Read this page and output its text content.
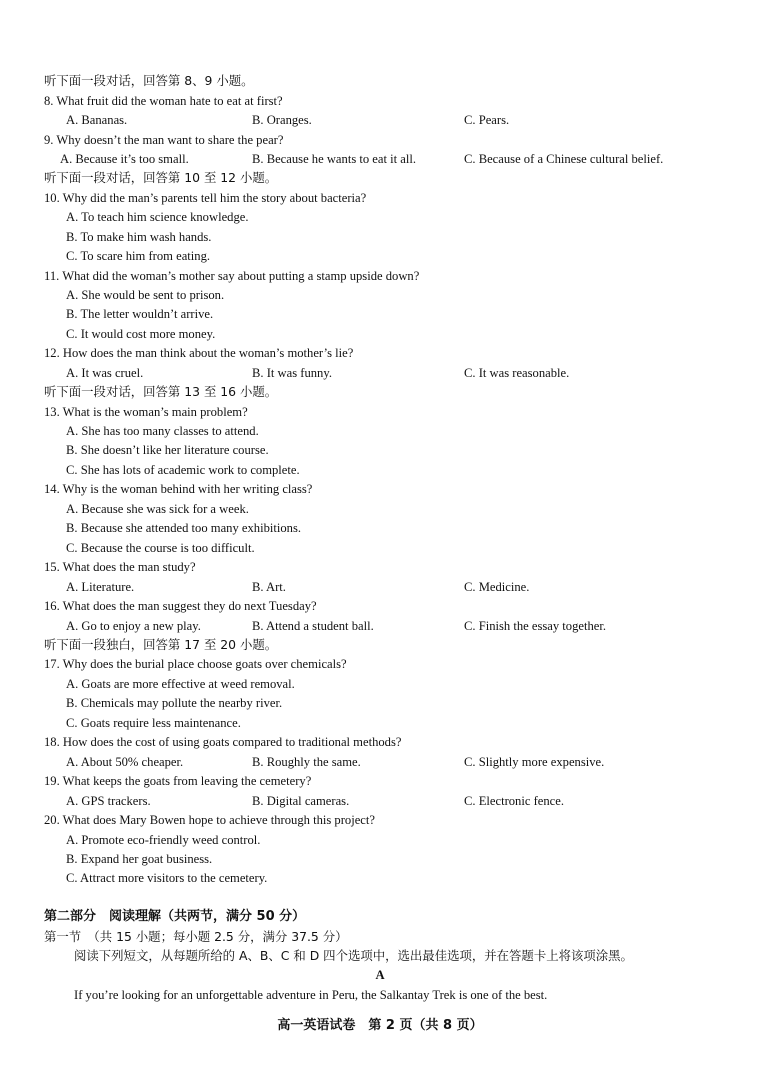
听下面一段对话，回答第 8、9 小题。
8. What fruit did the woman hate to eat at first?
A. Bananas.	B. Oranges.	C. Pears.
9. Why doesn’t the man want to share the pear?
A. Because it’s too small.	B. Because he wants to eat it all.	C. Because of a Chinese cultural belief.
听下面一段对话，回答第 10 至 12 小题。
10. Why did the man’s parents tell him the story about bacteria?
A. To teach him science knowledge.
B. To make him wash hands.
C. To scare him from eating.
11. What did the woman’s mother say about putting a stamp upside down?
A. She would be sent to prison.
B. The letter wouldn’t arrive.
C. It would cost more money.
12. How does the man think about the woman’s mother’s lie?
A. It was cruel.	B. It was funny.	C. It was reasonable.
听下面一段对话，回答第 13 至 16 小题。
13. What is the woman’s main problem?
A. She has too many classes to attend.
B. She doesn’t like her literature course.
C. She has lots of academic work to complete.
14. Why is the woman behind with her writing class?
A. Because she was sick for a week.
B. Because she attended too many exhibitions.
C. Because the course is too difficult.
15. What does the man study?
A. Literature.	B. Art.	C. Medicine.
16. What does the man suggest they do next Tuesday?
A. Go to enjoy a new play.	B. Attend a student ball.	C. Finish the essay together.
听下面一段独白，回答第 17 至 20 小题。
17. Why does the burial place choose goats over chemicals?
A. Goats are more effective at weed removal.
B. Chemicals may pollute the nearby river.
C. Goats require less maintenance.
18. How does the cost of using goats compared to traditional methods?
A. About 50% cheaper.	B. Roughly the same.	C. Slightly more expensive.
19. What keeps the goats from leaving the cemetery?
A. GPS trackers.	B. Digital cameras.	C. Electronic fence.
20. What does Mary Bowen hope to achieve through this project?
A. Promote eco-friendly weed control.
B. Expand her goat business.
C. Attract more visitors to the cemetery.
第二部分　阅读理解（共两节，满分 50 分）
第一节　（共 15 小题；每小题 2.5 分，满分 37.5 分）
阅读下列短文，从每题所给的 A、B、C 和 D 四个选项中，选出最佳选项，并在答题卡上将该项涂黑。
A
If you’re looking for an unforgettable adventure in Peru, the Salkantay Trek is one of the best.
高一英语试卷　第 2 页（共 8 页）
